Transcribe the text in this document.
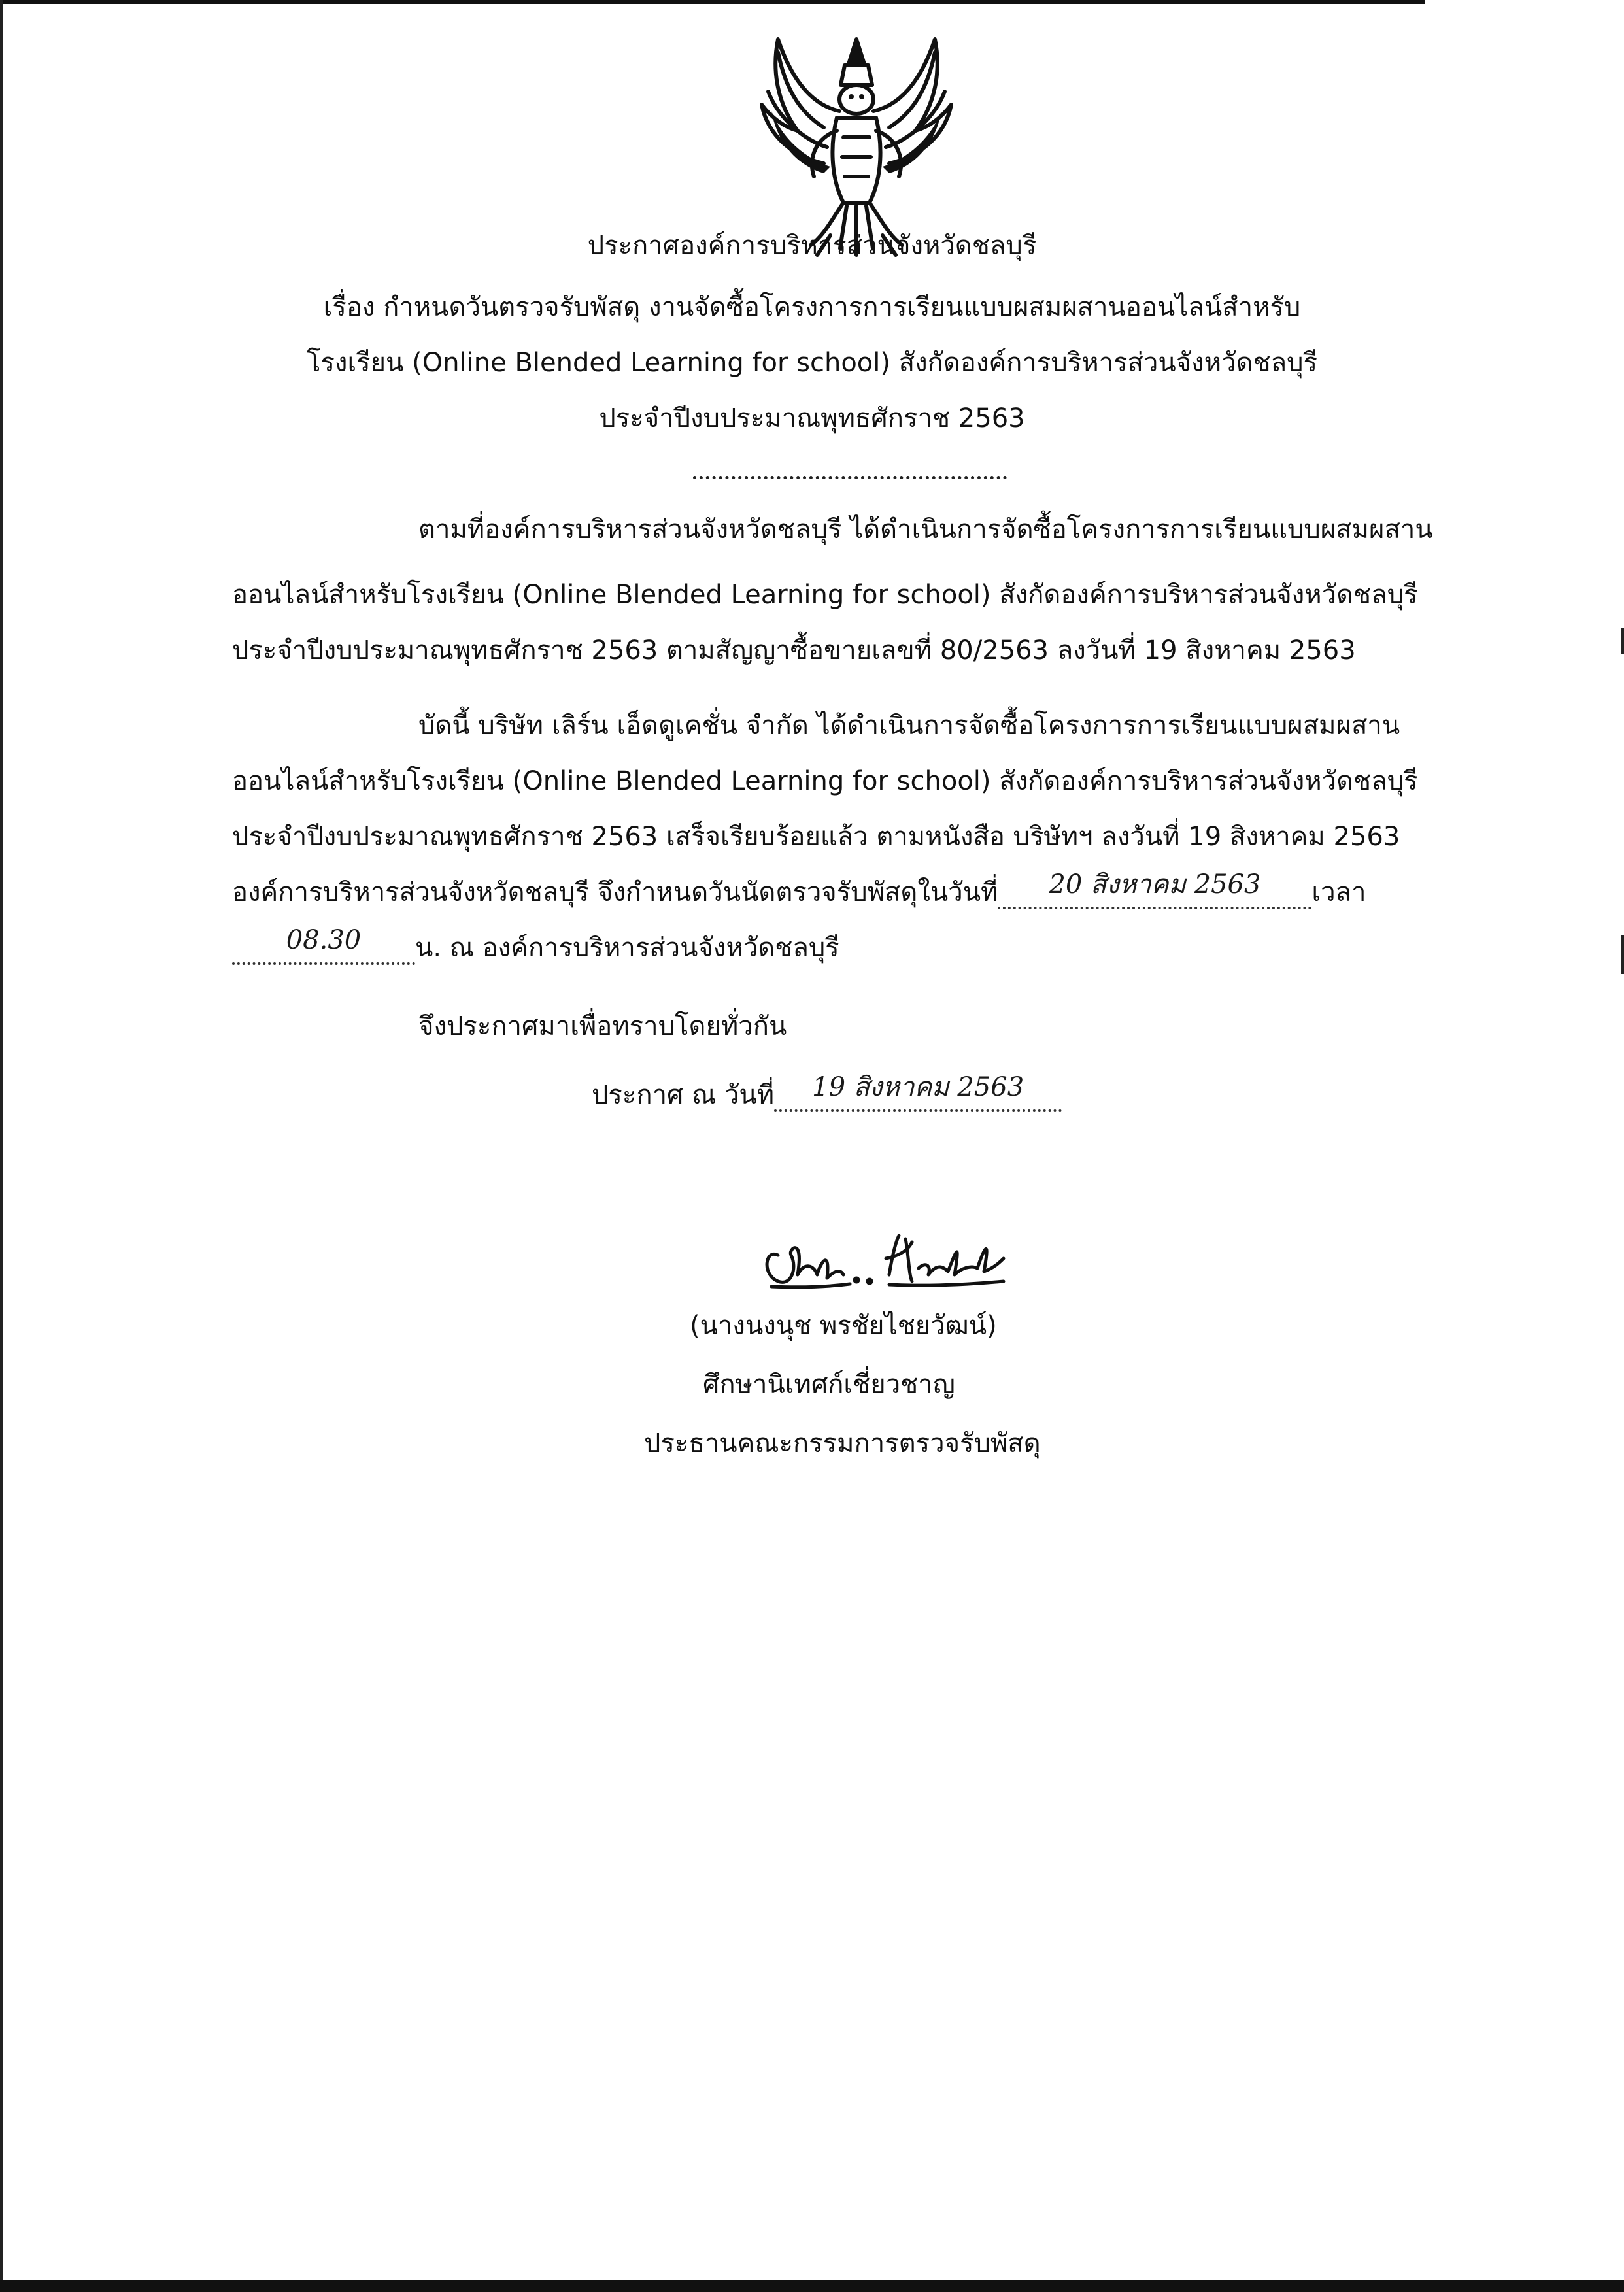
ประกาศองค์การบริหารส่วนจังหวัดชลบุรี
เรื่อง กำหนดวันตรวจรับพัสดุ งานจัดซื้อโครงการการเรียนแบบผสมผสานออนไลน์สำหรับ
โรงเรียน (Online Blended Learning for school) สังกัดองค์การบริหารส่วนจังหวัดชลบุรี
ประจำปีงบประมาณพุทธศักราช 2563
ตามที่องค์การบริหารส่วนจังหวัดชลบุรี ได้ดำเนินการจัดซื้อโครงการการเรียนแบบผสมผสาน
ออนไลน์สำหรับโรงเรียน (Online Blended Learning for school) สังกัดองค์การบริหารส่วนจังหวัดชลบุรี
ประจำปีงบประมาณพุทธศักราช 2563 ตามสัญญาซื้อขายเลขที่ 80/2563 ลงวันที่ 19 สิงหาคม 2563
บัดนี้ บริษัท เลิร์น เอ็ดดูเคชั่น จำกัด ได้ดำเนินการจัดซื้อโครงการการเรียนแบบผสมผสาน
ออนไลน์สำหรับโรงเรียน (Online Blended Learning for school) สังกัดองค์การบริหารส่วนจังหวัดชลบุรี
ประจำปีงบประมาณพุทธศักราช 2563 เสร็จเรียบร้อยแล้ว ตามหนังสือ บริษัทฯ ลงวันที่ 19 สิงหาคม 2563
องค์การบริหารส่วนจังหวัดชลบุรี จึงกำหนดวันนัดตรวจรับพัสดุในวันที่ 20 สิงหาคม 2563 เวลา
08.30 น. ณ องค์การบริหารส่วนจังหวัดชลบุรี
จึงประกาศมาเพื่อทราบโดยทั่วกัน
ประกาศ ณ วันที่ 19 สิงหาคม 2563
(นางนงนุช พรชัยไชยวัฒน์)
ศึกษานิเทศก์เชี่ยวชาญ
ประธานคณะกรรมการตรวจรับพัสดุ
